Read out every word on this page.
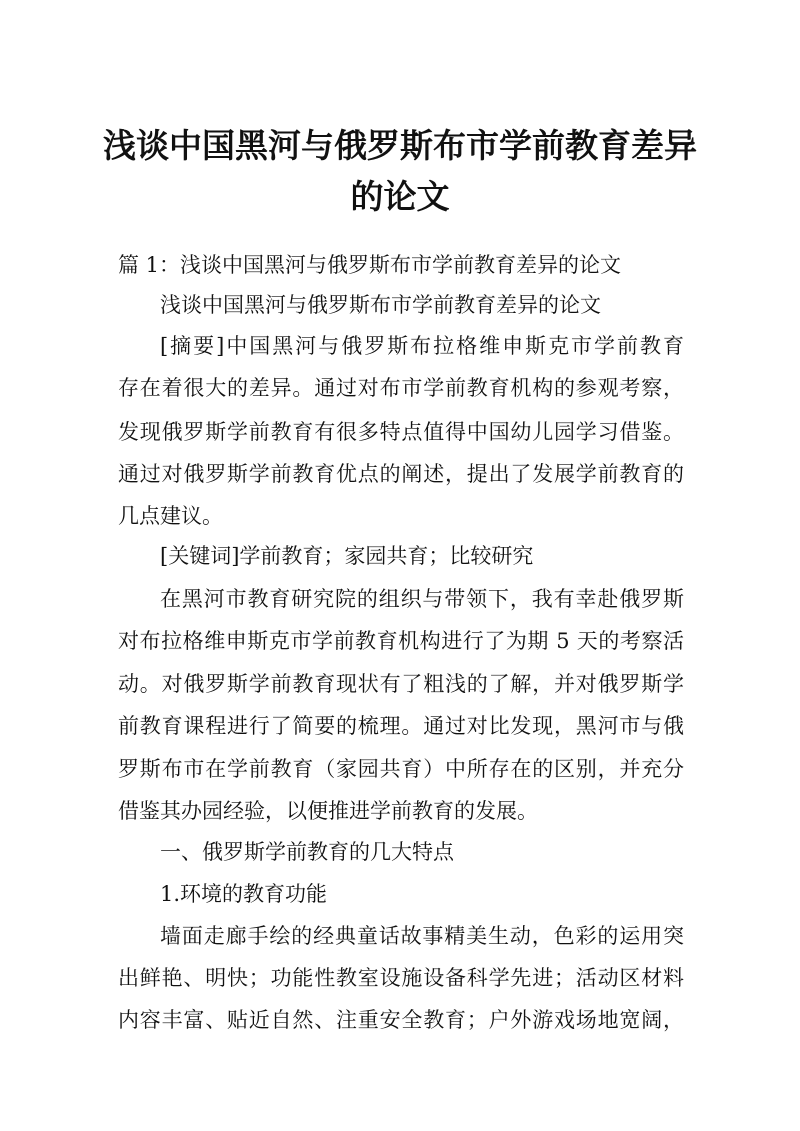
浅谈中国黑河与俄罗斯布市学前教育差异
的论文

篇 1：浅谈中国黑河与俄罗斯布市学前教育差异的论文

浅谈中国黑河与俄罗斯布市学前教育差异的论文

[摘要]中国黑河与俄罗斯布拉格维申斯克市学前教育

存在着很大的差异。通过对布市学前教育机构的参观考察，

发现俄罗斯学前教育有很多特点值得中国幼儿园学习借鉴。

通过对俄罗斯学前教育优点的阐述，提出了发展学前教育的

几点建议。

[关键词]学前教育；家园共育；比较研究

在黑河市教育研究院的组织与带领下，我有幸赴俄罗斯

对布拉格维申斯克市学前教育机构进行了为期 5 天的考察活

动。对俄罗斯学前教育现状有了粗浅的了解，并对俄罗斯学

前教育课程进行了简要的梳理。通过对比发现，黑河市与俄

罗斯布市在学前教育（家园共育）中所存在的区别，并充分

借鉴其办园经验，以便推进学前教育的发展。

一、俄罗斯学前教育的几大特点

1.环境的教育功能

墙面走廊手绘的经典童话故事精美生动，色彩的运用突

出鲜艳、明快；功能性教室设施设备科学先进；活动区材料

内容丰富、贴近自然、注重安全教育；户外游戏场地宽阔，
